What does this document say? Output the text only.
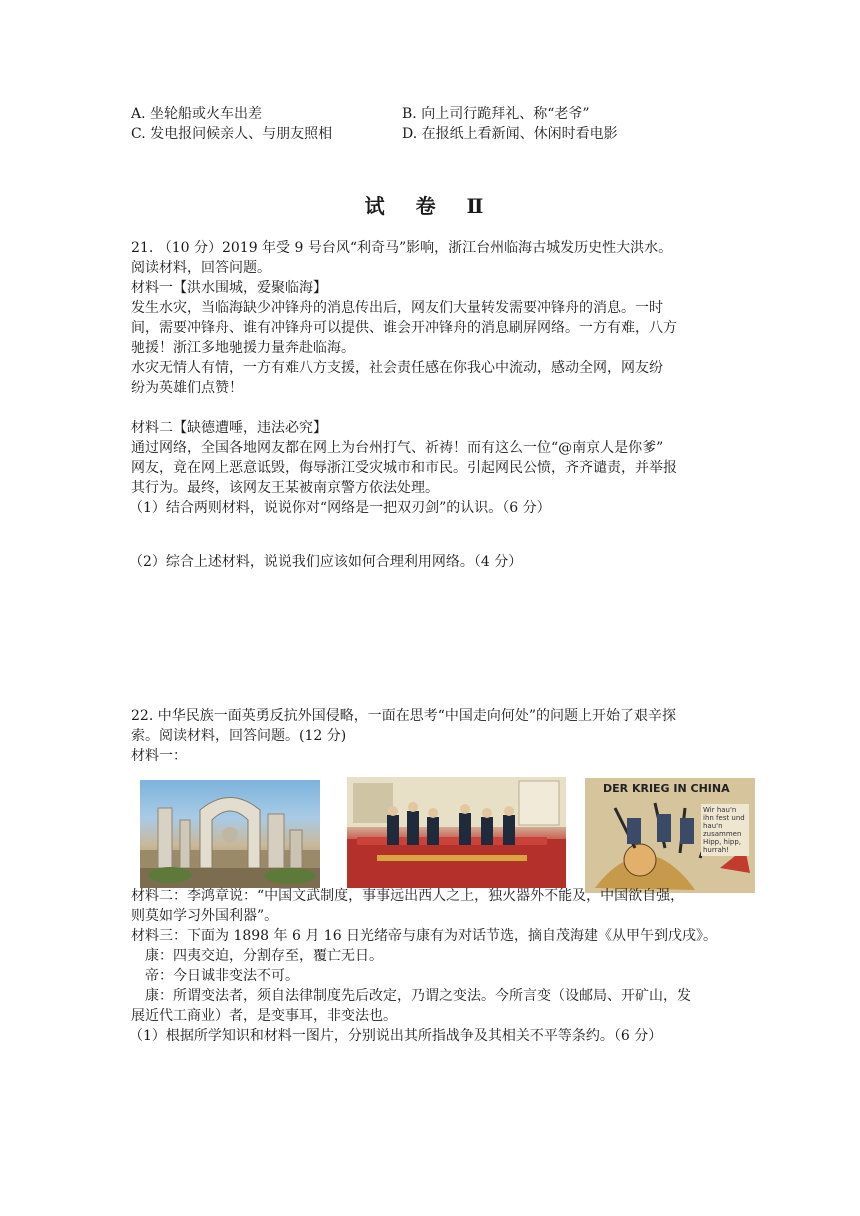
A. 坐轮船或火车出差	B. 向上司行跪拜礼、称“老爷”
C. 发电报问候亲人、与朋友照相	D. 在报纸上看新闻、休闲时看电影
试 卷 Ⅱ
21. （10 分）2019 年受 9 号台风“利奇马”影响，浙江台州临海古城发历史性大洪水。
阅读材料，回答问题。
材料一【洪水围城，爱聚临海】
发生水灾，当临海缺少冲锋舟的消息传出后，网友们大量转发需要冲锋舟的消息。一时
间，需要冲锋舟、谁有冲锋舟可以提供、谁会开冲锋舟的消息刷屏网络。一方有难，八方
驰援！浙江多地驰援力量奔赴临海。
水灾无情人有情，一方有难八方支援，社会责任感在你我心中流动，感动全网，网友纷
纷为英雄们点赞！
材料二【缺德遭唾，违法必究】
通过网络，全国各地网友都在网上为台州打气、祈祷！而有这么一位“@南京人是你爹”
网友，竟在网上恶意诋毁，侮辱浙江受灾城市和市民。引起网民公愤，齐齐谴责，并举报
其行为。最终，该网友王某被南京警方依法处理。
（1）结合两则材料，说说你对“网络是一把双刃剑”的认识。（6 分）
（2）综合上述材料，说说我们应该如何合理利用网络。（4 分）
22. 中华民族一面英勇反抗外国侵略，一面在思考“中国走向何处”的问题上开始了艰辛探
索。阅读材料，回答问题。(12 分)
材料一：
DER KRIEG IN CHINA
Wir hau'n ihn fest und hau'n zusammen Hipp, hipp, hurrah!
材料二：李鸿章说：“中国文武制度，事事远出西人之上，独火器外不能及，中国欲自强，
则莫如学习外国利器”。
材料三：下面为 1898 年 6 月 16 日光绪帝与康有为对话节选，摘自茂海建《从甲午到戊戌》。
康：四夷交迫，分割存至，覆亡无日。
帝：今日诚非变法不可。
康：所谓变法者，须自法律制度先后改定，乃谓之变法。今所言变（设邮局、开矿山，发
展近代工商业）者，是变事耳，非变法也。
（1）根据所学知识和材料一图片，分别说出其所指战争及其相关不平等条约。（6 分）
